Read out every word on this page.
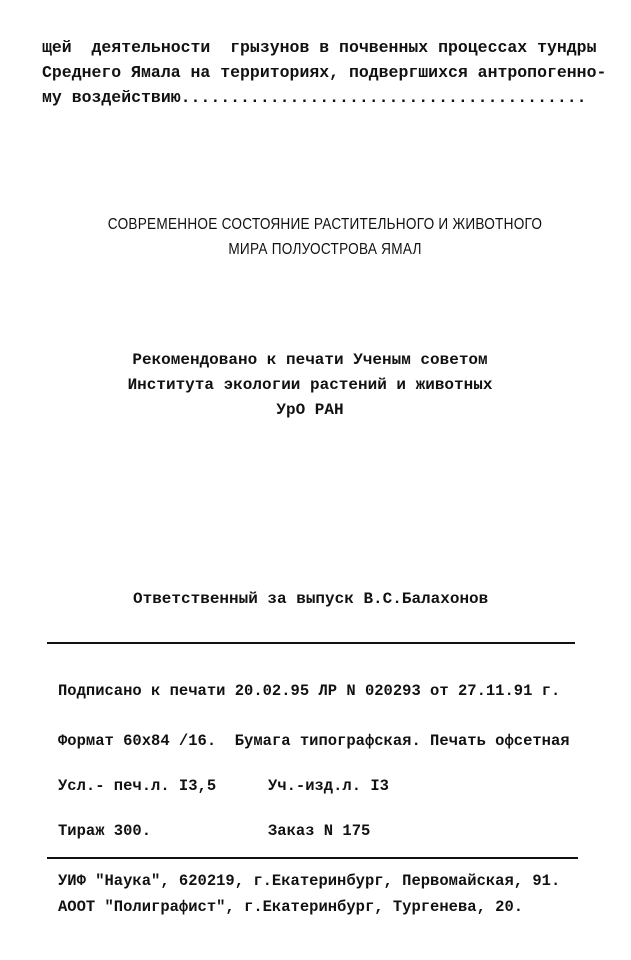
щей  деятельности  грызунов в почвенных процессах тундры
Среднего Ямала на территориях, подвергшихся антропогенно-
му воздействию.........................................
СОВРЕМЕННОЕ СОСТОЯНИЕ РАСТИТЕЛЬНОГО И ЖИВОТНОГО
МИРА ПОЛУОСТРОВА ЯМАЛ
Рекомендовано к печати Ученым советом
Института экологии растений и животных
УрО РАН
Ответственный за выпуск В.С.Балахонов
Подписано к печати 20.02.95 ЛР N 020293 от 27.11.91 г.
Формат 60х84 /16.  Бумага типографская. Печать офсетная
Усл.- печ.л. I3,5	Уч.-изд.л. I3
Тираж 300.	Заказ N 175
УИФ "Наука", 620219, г.Екатеринбург, Первомайская, 91.
АООТ "Полиграфист", г.Екатеринбург, Тургенева, 20.
